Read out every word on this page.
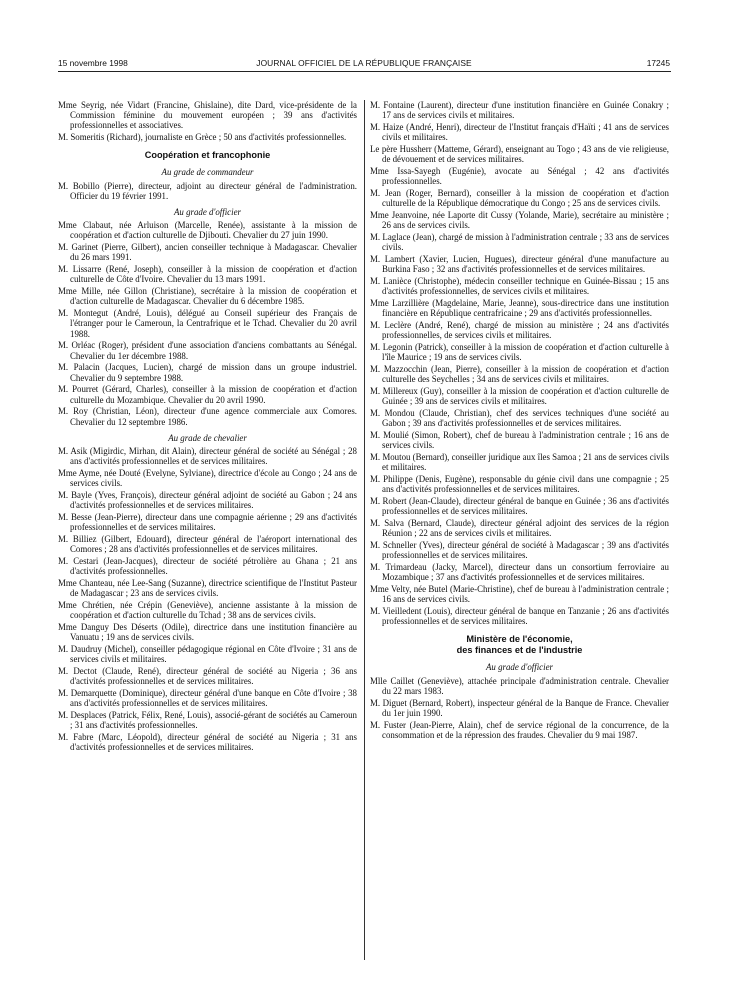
15 novembre 1998	JOURNAL OFFICIEL DE LA RÉPUBLIQUE FRANÇAISE	17245

Mme Seyrig, née Vidart (Francine, Ghislaine), dite Dard, vice-présidente de la Commission féminine du mouvement européen ; 39 ans d'activités professionnelles et associatives.

M. Someritis (Richard), journaliste en Grèce ; 50 ans d'activités professionnelles.

Coopération et francophonie
Au grade de commandeur

M. Bobillo (Pierre), directeur, adjoint au directeur général de l'administration. Officier du 19 février 1991.

Au grade d'officier

Mme Clabaut, née Arluison (Marcelle, Renée), assistante à la mission de coopération et d'action culturelle de Djibouti. Chevalier du 27 juin 1990.

M. Garinet (Pierre, Gilbert), ancien conseiller technique à Madagascar. Chevalier du 26 mars 1991.

M. Lissarre (René, Joseph), conseiller à la mission de coopération et d'action culturelle de Côte d'Ivoire. Chevalier du 13 mars 1991.

Mme Mille, née Gillon (Christiane), secrétaire à la mission de coopération et d'action culturelle de Madagascar. Chevalier du 6 décembre 1985.

M. Montegut (André, Louis), délégué au Conseil supérieur des Français de l'étranger pour le Cameroun, la Centrafrique et le Tchad. Chevalier du 20 avril 1988.

M. Orléac (Roger), président d'une association d'anciens combattants au Sénégal. Chevalier du 1er décembre 1988.

M. Palacin (Jacques, Lucien), chargé de mission dans un groupe industriel. Chevalier du 9 septembre 1988.

M. Pourret (Gérard, Charles), conseiller à la mission de coopération et d'action culturelle du Mozambique. Chevalier du 20 avril 1990.

M. Roy (Christian, Léon), directeur d'une agence commerciale aux Comores. Chevalier du 12 septembre 1986.

Au grade de chevalier

M. Asik (Migirdic, Mirhan, dit Alain), directeur général de société au Sénégal ; 28 ans d'activités professionnelles et de services militaires.

Mme Ayme, née Douté (Evelyne, Sylviane), directrice d'école au Congo ; 24 ans de services civils.

M. Bayle (Yves, François), directeur général adjoint de société au Gabon ; 24 ans d'activités professionnelles et de services militaires.

M. Besse (Jean-Pierre), directeur dans une compagnie aérienne ; 29 ans d'activités professionnelles et de services militaires.

M. Billiez (Gilbert, Edouard), directeur général de l'aéroport international des Comores ; 28 ans d'activités professionnelles et de services militaires.

M. Cestari (Jean-Jacques), directeur de société pétrolière au Ghana ; 21 ans d'activités professionnelles.

Mme Chanteau, née Lee-Sang (Suzanne), directrice scientifique de l'Institut Pasteur de Madagascar ; 23 ans de services civils.

Mme Chrétien, née Crépin (Geneviève), ancienne assistante à la mission de coopération et d'action culturelle du Tchad ; 38 ans de services civils.

Mme Danguy Des Déserts (Odile), directrice dans une institution financière au Vanuatu ; 19 ans de services civils.

M. Daudruy (Michel), conseiller pédagogique régional en Côte d'Ivoire ; 31 ans de services civils et militaires.

M. Dectot (Claude, René), directeur général de société au Nigeria ; 36 ans d'activités professionnelles et de services militaires.

M. Demarquette (Dominique), directeur général d'une banque en Côte d'Ivoire ; 38 ans d'activités professionnelles et de services militaires.

M. Desplaces (Patrick, Félix, René, Louis), associé-gérant de sociétés au Cameroun ; 31 ans d'activités professionnelles.

M. Fabre (Marc, Léopold), directeur général de société au Nigeria ; 31 ans d'activités professionnelles et de services militaires.

M. Fontaine (Laurent), directeur d'une institution financière en Guinée Conakry ; 17 ans de services civils et militaires.

M. Haize (André, Henri), directeur de l'Institut français d'Haïti ; 41 ans de services civils et militaires.

Le père Hussherr (Matteme, Gérard), enseignant au Togo ; 43 ans de vie religieuse, de dévouement et de services militaires.

Mme Issa-Sayegh (Eugénie), avocate au Sénégal ; 42 ans d'activités professionnelles.

M. Jean (Roger, Bernard), conseiller à la mission de coopération et d'action culturelle de la République démocratique du Congo ; 25 ans de services civils.

Mme Jeanvoine, née Laporte dit Cussy (Yolande, Marie), secrétaire au ministère ; 26 ans de services civils.

M. Laglace (Jean), chargé de mission à l'administration centrale ; 33 ans de services civils.

M. Lambert (Xavier, Lucien, Hugues), directeur général d'une manufacture au Burkina Faso ; 32 ans d'activités professionnelles et de services militaires.

M. Lanièce (Christophe), médecin conseiller technique en Guinée-Bissau ; 15 ans d'activités professionnelles, de services civils et militaires.

Mme Larzillière (Magdelaine, Marie, Jeanne), sous-directrice dans une institution financière en République centrafricaine ; 29 ans d'activités professionnelles.

M. Leclère (André, René), chargé de mission au ministère ; 24 ans d'activités professionnelles, de services civils et militaires.

M. Legonin (Patrick), conseiller à la mission de coopération et d'action culturelle à l'île Maurice ; 19 ans de services civils.

M. Mazzocchin (Jean, Pierre), conseiller à la mission de coopération et d'action culturelle des Seychelles ; 34 ans de services civils et militaires.

M. Millereux (Guy), conseiller à la mission de coopération et d'action culturelle de Guinée ; 39 ans de services civils et militaires.

M. Mondou (Claude, Christian), chef des services techniques d'une société au Gabon ; 39 ans d'activités professionnelles et de services militaires.

M. Moulié (Simon, Robert), chef de bureau à l'administration centrale ; 16 ans de services civils.

M. Moutou (Bernard), conseiller juridique aux îles Samoa ; 21 ans de services civils et militaires.

M. Philippe (Denis, Eugène), responsable du génie civil dans une compagnie ; 25 ans d'activités professionnelles et de services militaires.

M. Robert (Jean-Claude), directeur général de banque en Guinée ; 36 ans d'activités professionnelles et de services militaires.

M. Salva (Bernard, Claude), directeur général adjoint des services de la région Réunion ; 22 ans de services civils et militaires.

M. Schneller (Yves), directeur général de société à Madagascar ; 39 ans d'activités professionnelles et de services militaires.

M. Trimardeau (Jacky, Marcel), directeur dans un consortium ferroviaire au Mozambique ; 37 ans d'activités professionnelles et de services militaires.

Mme Velty, née Butel (Marie-Christine), chef de bureau à l'administration centrale ; 16 ans de services civils.

M. Vieilledent (Louis), directeur général de banque en Tanzanie ; 26 ans d'activités professionnelles et de services militaires.

Ministère de l'économie,
des finances et de l'industrie
Au grade d'officier

Mlle Caillet (Geneviève), attachée principale d'administration centrale. Chevalier du 22 mars 1983.

M. Diguet (Bernard, Robert), inspecteur général de la Banque de France. Chevalier du 1er juin 1990.

M. Fuster (Jean-Pierre, Alain), chef de service régional de la concurrence, de la consommation et de la répression des fraudes. Chevalier du 9 mai 1987.
